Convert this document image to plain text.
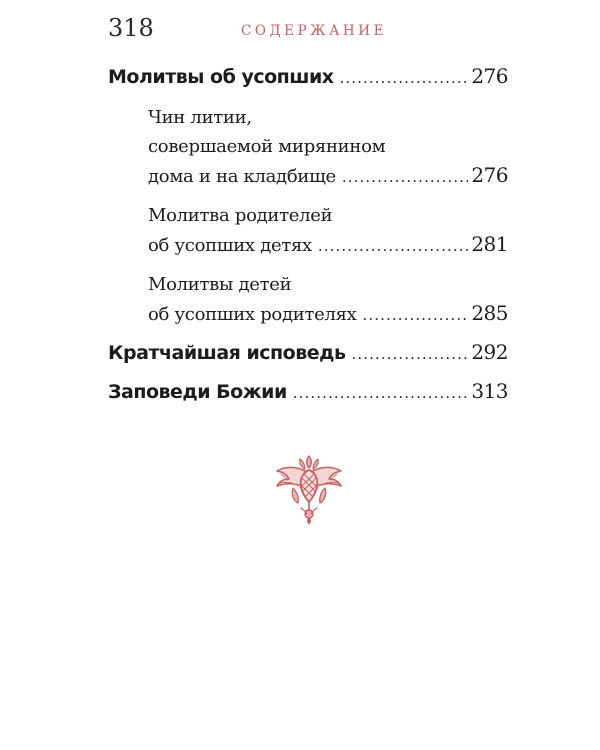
318	СОДЕРЖАНИЕ
Молитвы об усопших .....	276
Чин литии,
совершаемой мирянином
дома и на кладбище .....	276
Молитва родителей
об усопших детях .....	281
Молитвы детей
об усопших родителях .....	285
Кратчайшая исповедь .....	292
Заповеди Божии .....	313
